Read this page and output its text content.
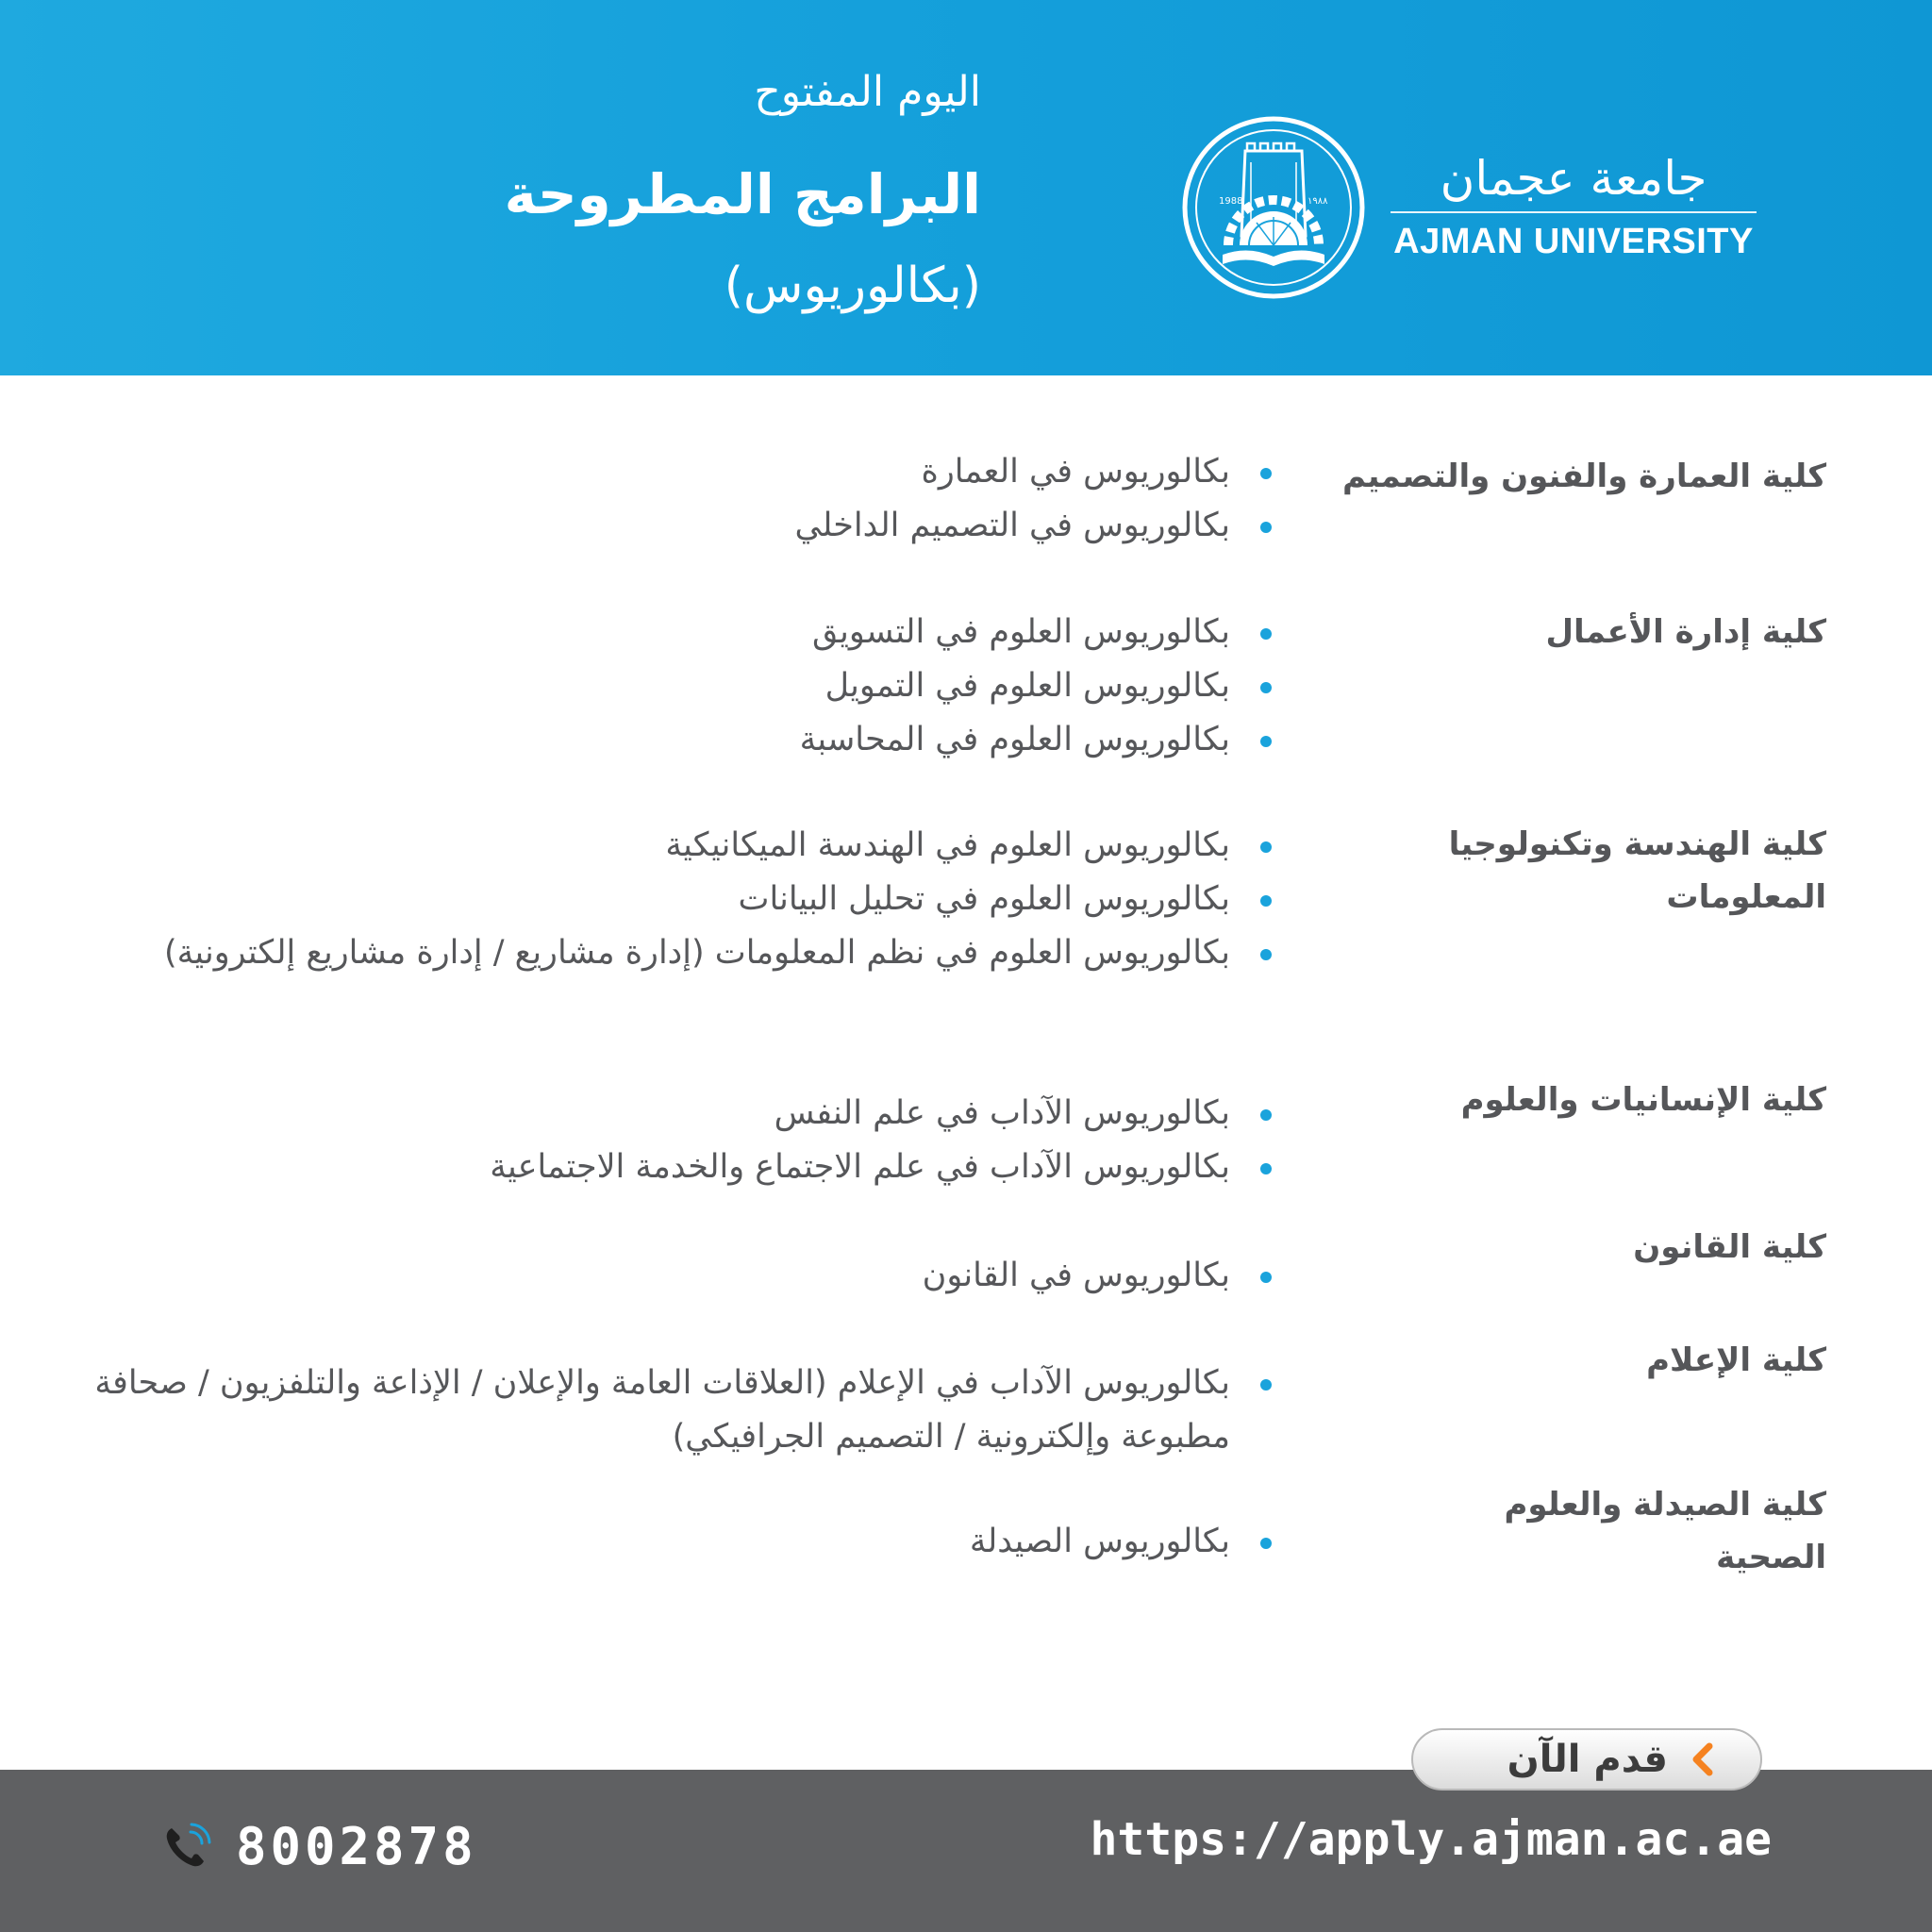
اليوم المفتوح
البرامج المطروحة
(بكالوريوس)
1988	١٩٨٨	جامعة عجمان
AJMAN UNIVERSITY
كلية العمارة والفنون والتصميم
بكالوريوس في العمارة
بكالوريوس في التصميم الداخلي
كلية إدارة الأعمال
بكالوريوس العلوم في التسويق
بكالوريوس العلوم في التمويل
بكالوريوس العلوم في المحاسبة
كلية الهندسة وتكنولوجيا المعلومات
بكالوريوس العلوم في الهندسة الميكانيكية
بكالوريوس العلوم في تحليل البيانات
بكالوريوس العلوم في نظم المعلومات (إدارة مشاريع / إدارة مشاريع إلكترونية)
كلية الإنسانيات والعلوم
بكالوريوس الآداب في علم النفس
بكالوريوس الآداب في علم الاجتماع والخدمة الاجتماعية
كلية القانون
بكالوريوس في القانون
كلية الإعلام
بكالوريوس الآداب في الإعلام (العلاقات العامة والإعلان / الإذاعة والتلفزيون / صحافة مطبوعة وإلكترونية / التصميم الجرافيكي)
كلية الصيدلة والعلوم الصحية
بكالوريوس الصيدلة
قدم الآن
8002878	https://apply.ajman.ac.ae
